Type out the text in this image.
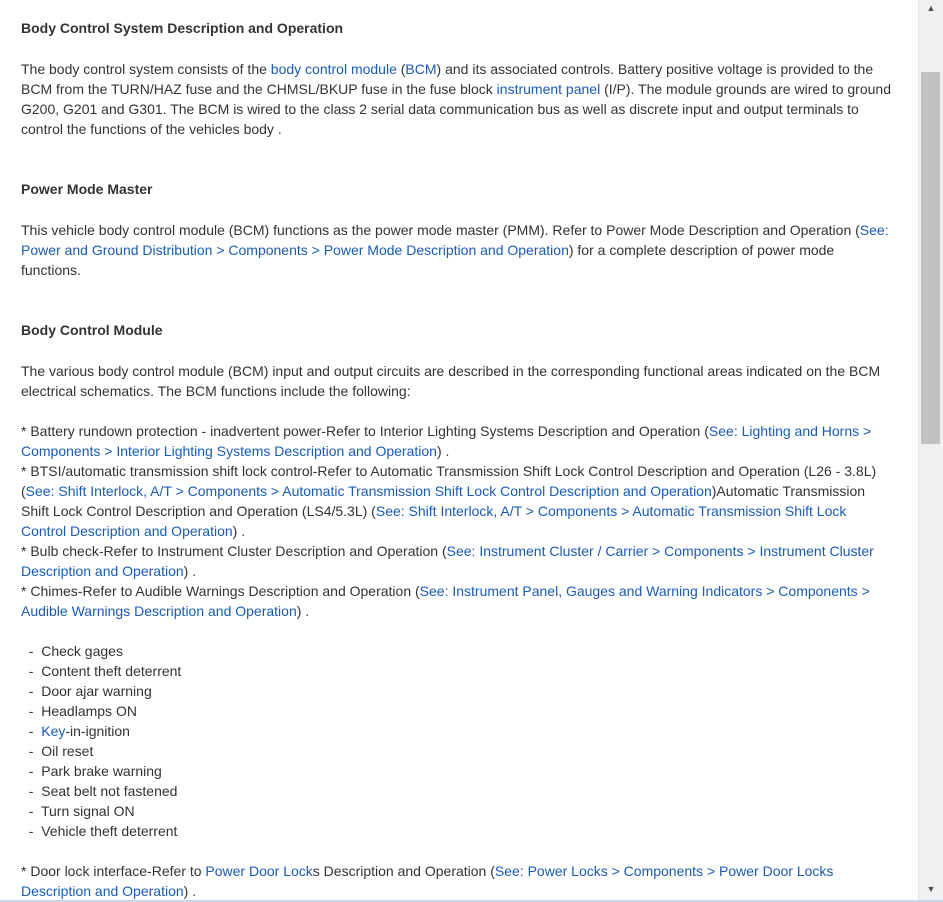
Body Control System Description and Operation
The body control system consists of the body control module (BCM) and its associated controls. Battery positive voltage is provided to the
BCM from the TURN/HAZ fuse and the CHMSL/BKUP fuse in the fuse block instrument panel (I/P). The module grounds are wired to ground
G200, G201 and G301. The BCM is wired to the class 2 serial data communication bus as well as discrete input and output terminals to
control the functions of the vehicles body .
Power Mode Master
This vehicle body control module (BCM) functions as the power mode master (PMM). Refer to Power Mode Description and Operation (See:
Power and Ground Distribution > Components > Power Mode Description and Operation) for a complete description of power mode
functions.
Body Control Module
The various body control module (BCM) input and output circuits are described in the corresponding functional areas indicated on the BCM
electrical schematics. The BCM functions include the following:
* Battery rundown protection - inadvertent power-Refer to Interior Lighting Systems Description and Operation (See: Lighting and Horns >
Components > Interior Lighting Systems Description and Operation) .
* BTSI/automatic transmission shift lock control-Refer to Automatic Transmission Shift Lock Control Description and Operation (L26 - 3.8L)
(See: Shift Interlock, A/T > Components > Automatic Transmission Shift Lock Control Description and Operation)Automatic Transmission
Shift Lock Control Description and Operation (LS4/5.3L) (See: Shift Interlock, A/T > Components > Automatic Transmission Shift Lock
Control Description and Operation) .
* Bulb check-Refer to Instrument Cluster Description and Operation (See: Instrument Cluster / Carrier > Components > Instrument Cluster
Description and Operation) .
* Chimes-Refer to Audible Warnings Description and Operation (See: Instrument Panel, Gauges and Warning Indicators > Components >
Audible Warnings Description and Operation) .
-  Check gages
-  Content theft deterrent
-  Door ajar warning
-  Headlamps ON
-  Key-in-ignition
-  Oil reset
-  Park brake warning
-  Seat belt not fastened
-  Turn signal ON
-  Vehicle theft deterrent
* Door lock interface-Refer to Power Door Locks Description and Operation (See: Power Locks > Components > Power Door Locks
Description and Operation) .
▲
▼
